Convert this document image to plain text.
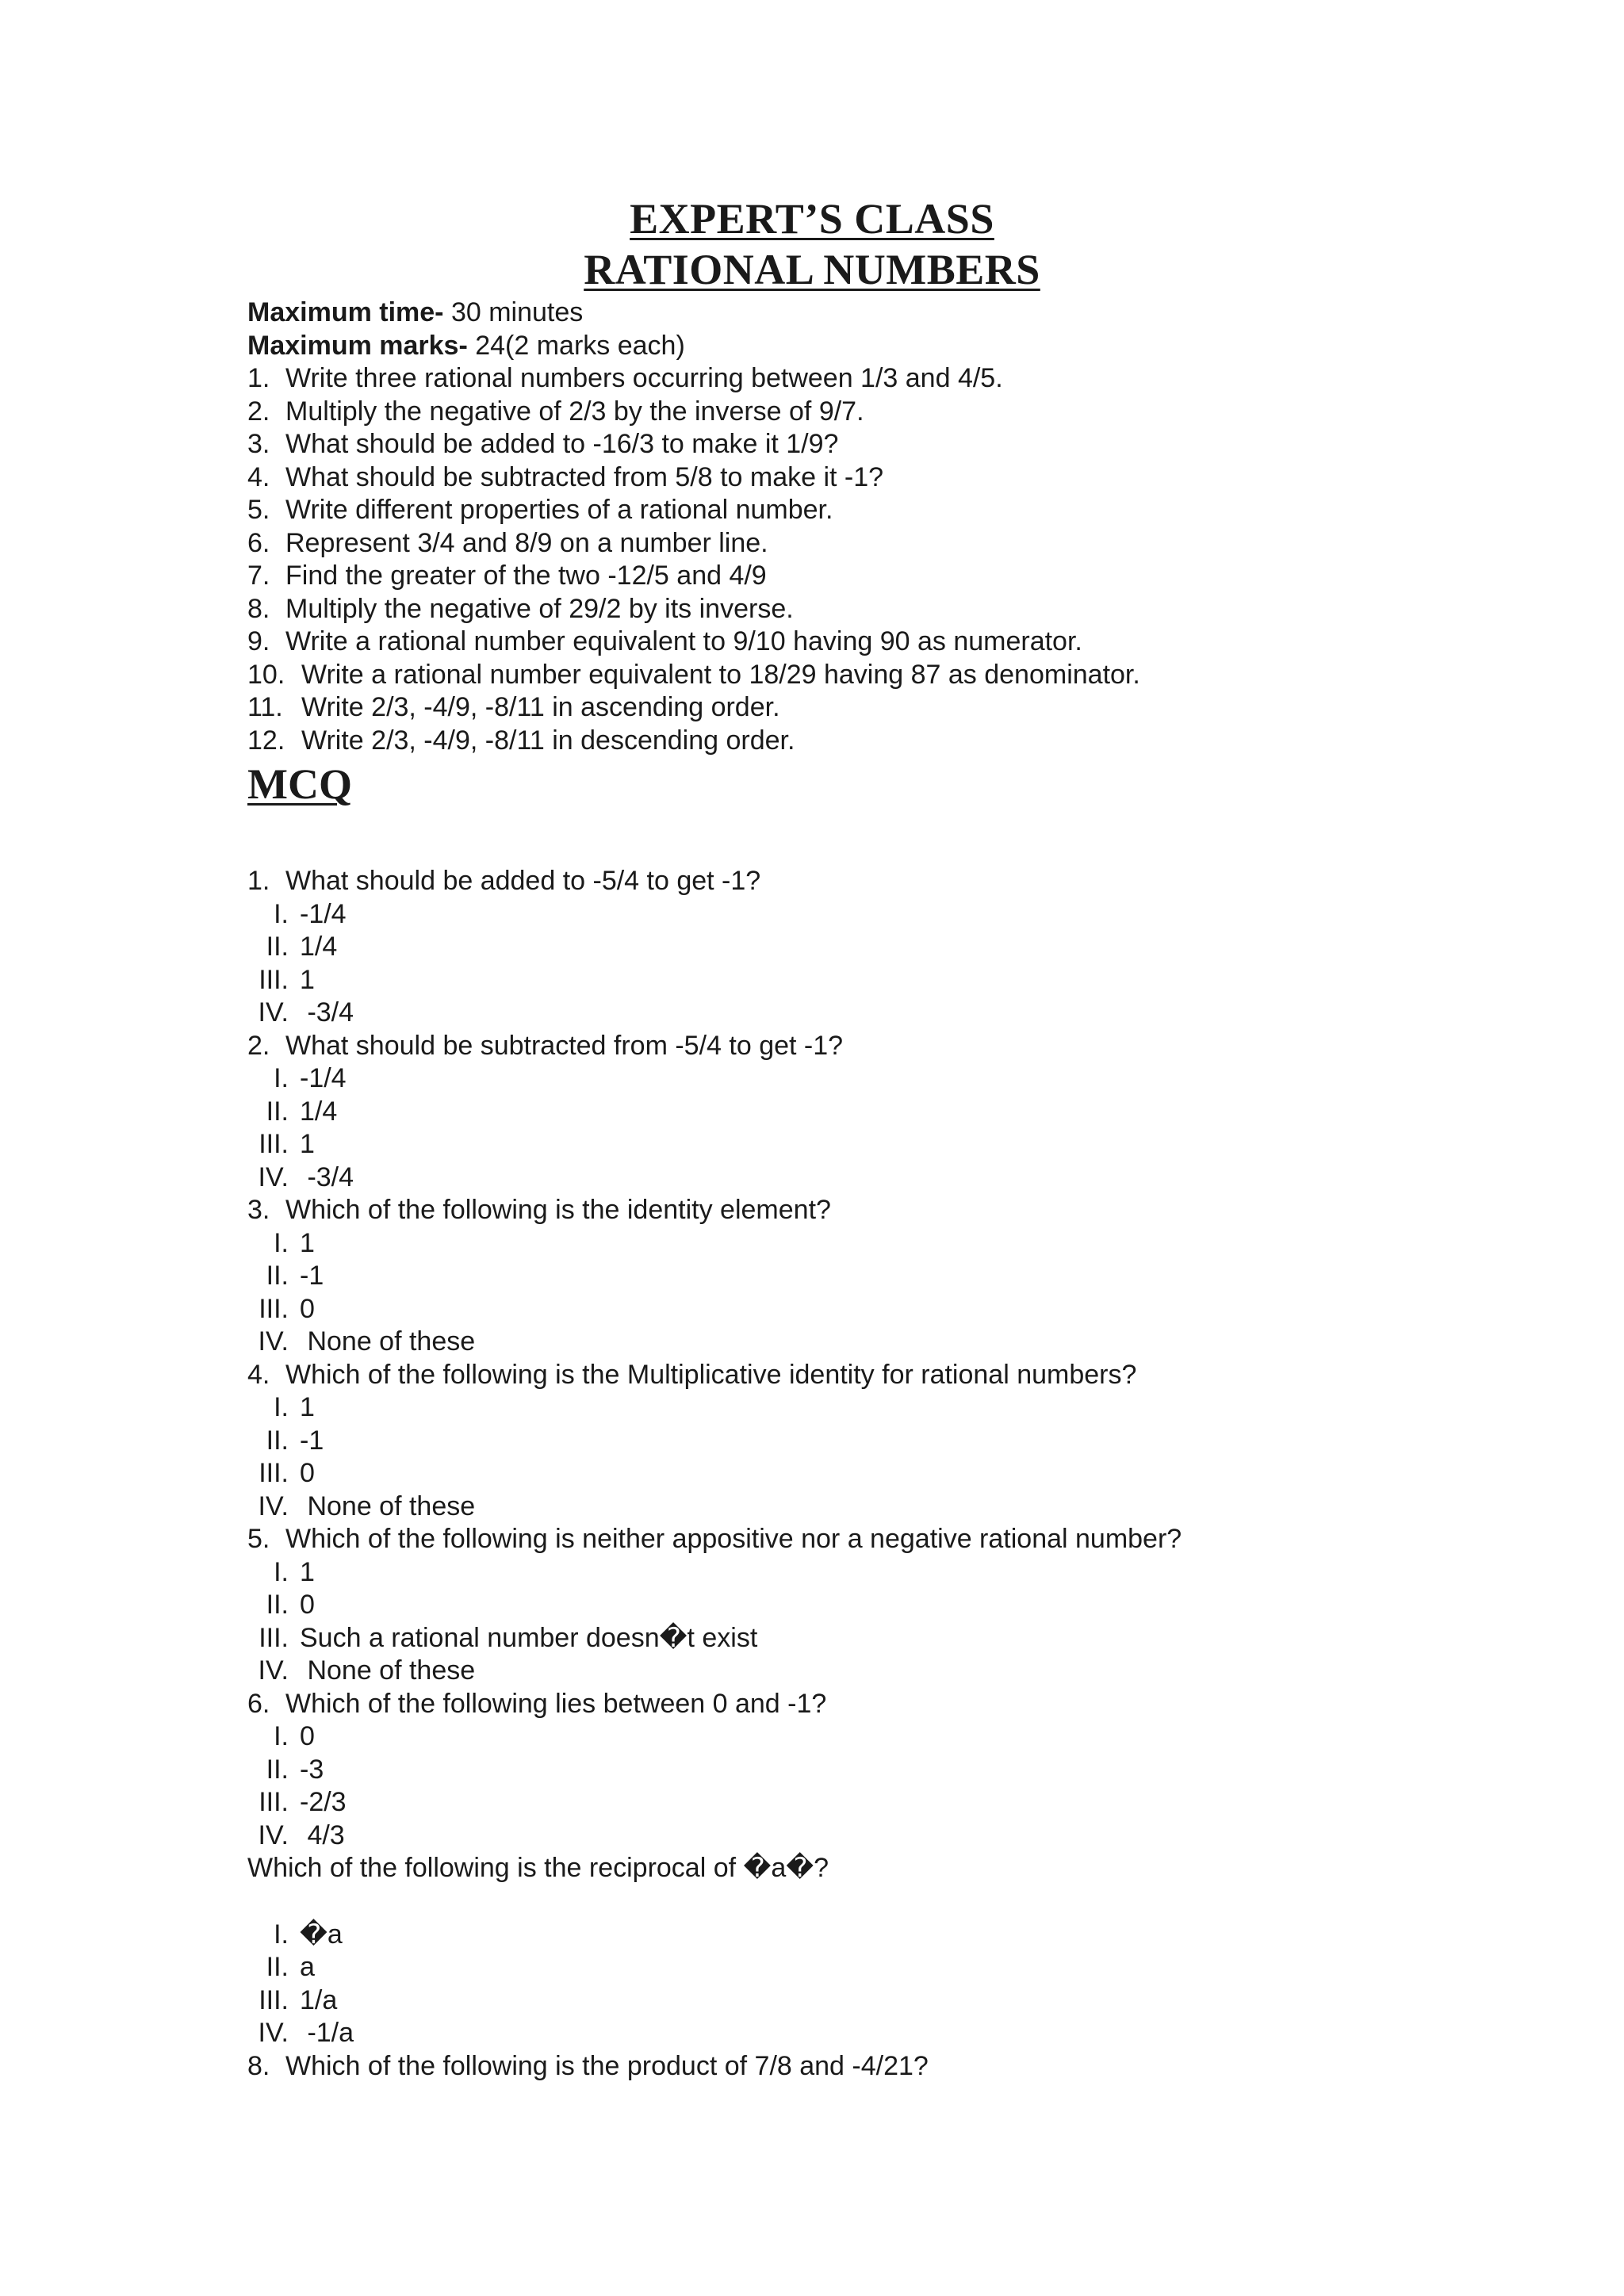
EXPERT’S CLASS
RATIONAL NUMBERS
Maximum time- 30 minutes
Maximum marks- 24(2 marks each)
1. Write three rational numbers occurring between 1/3 and 4/5.
2. Multiply the negative of 2/3 by the inverse of 9/7.
3. What should be added to -16/3 to make it 1/9?
4. What should be subtracted from 5/8 to make it -1?
5. Write different properties of a rational number.
6. Represent 3/4 and 8/9 on a number line.
7. Find the greater of the two -12/5 and 4/9
8. Multiply the negative of 29/2 by its inverse.
9. Write a rational number equivalent to 9/10 having 90 as numerator.
10. Write a rational number equivalent to 18/29 having 87 as denominator.
11. Write 2/3, -4/9, -8/11 in ascending order.
12. Write 2/3, -4/9, -8/11 in descending order.
MCQ
1. What should be added to -5/4 to get -1?
I. -1/4
II. 1/4
III. 1
IV. -3/4
2. What should be subtracted from -5/4 to get -1?
I. -1/4
II. 1/4
III. 1
IV. -3/4
3. Which of the following is the identity element?
I. 1
II. -1
III. 0
IV. None of these
4. Which of the following is the Multiplicative identity for rational numbers?
I. 1
II. -1
III. 0
IV. None of these
5. Which of the following is neither appositive nor a negative rational number?
I. 1
II. 0
III. Such a rational number doesn�t exist
IV. None of these
6. Which of the following lies between 0 and -1?
I. 0
II. -3
III. -2/3
IV. 4/3
Which of the following is the reciprocal of �a�?
I. �a
II. a
III. 1/a
IV. -1/a
8. Which of the following is the product of 7/8 and -4/21?
